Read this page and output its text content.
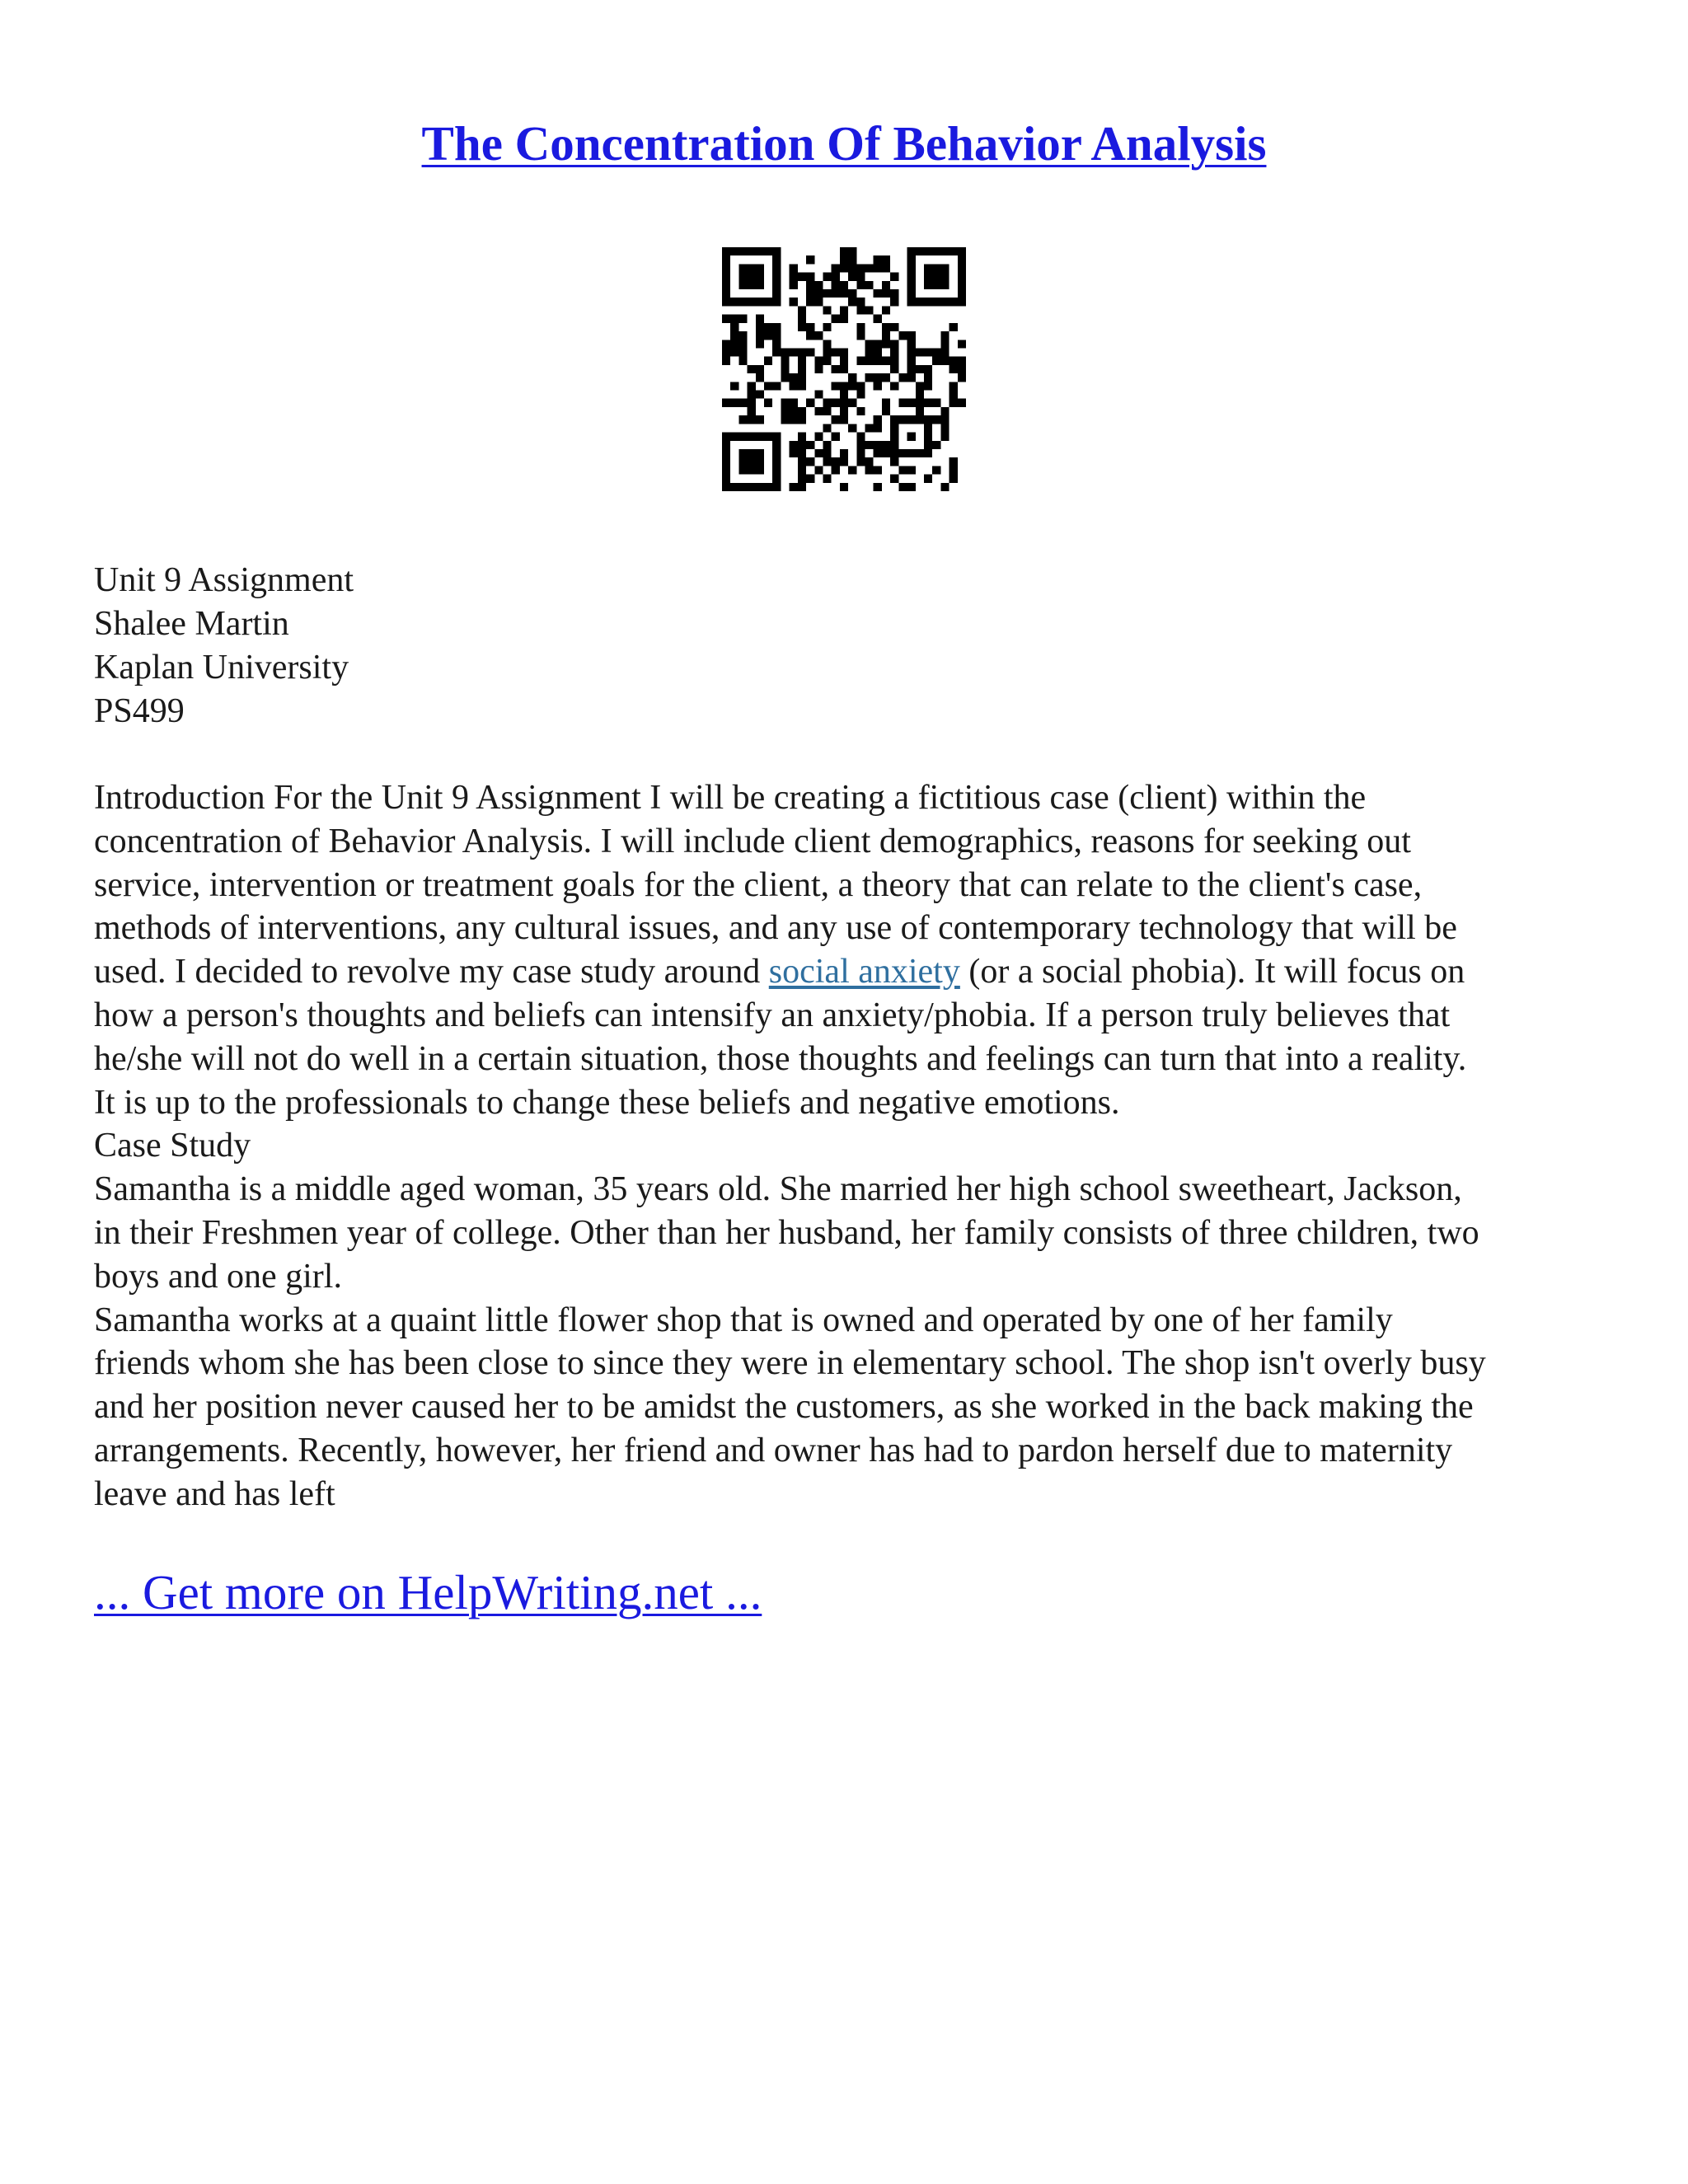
The Concentration Of Behavior Analysis
Unit 9 Assignment
Shalee Martin
Kaplan University
PS499
Introduction For the Unit 9 Assignment I will be creating a fictitious case (client) within the
concentration of Behavior Analysis. I will include client demographics, reasons for seeking out
service, intervention or treatment goals for the client, a theory that can relate to the client's case,
methods of interventions, any cultural issues, and any use of contemporary technology that will be
used. I decided to revolve my case study around social anxiety (or a social phobia). It will focus on
how a person's thoughts and beliefs can intensify an anxiety/phobia. If a person truly believes that
he/she will not do well in a certain situation, those thoughts and feelings can turn that into a reality.
It is up to the professionals to change these beliefs and negative emotions.
Case Study
Samantha is a middle aged woman, 35 years old. She married her high school sweetheart, Jackson,
in their Freshmen year of college. Other than her husband, her family consists of three children, two
boys and one girl.
Samantha works at a quaint little flower shop that is owned and operated by one of her family
friends whom she has been close to since they were in elementary school. The shop isn't overly busy
and her position never caused her to be amidst the customers, as she worked in the back making the
arrangements. Recently, however, her friend and owner has had to pardon herself due to maternity
leave and has left
... Get more on HelpWriting.net ...
